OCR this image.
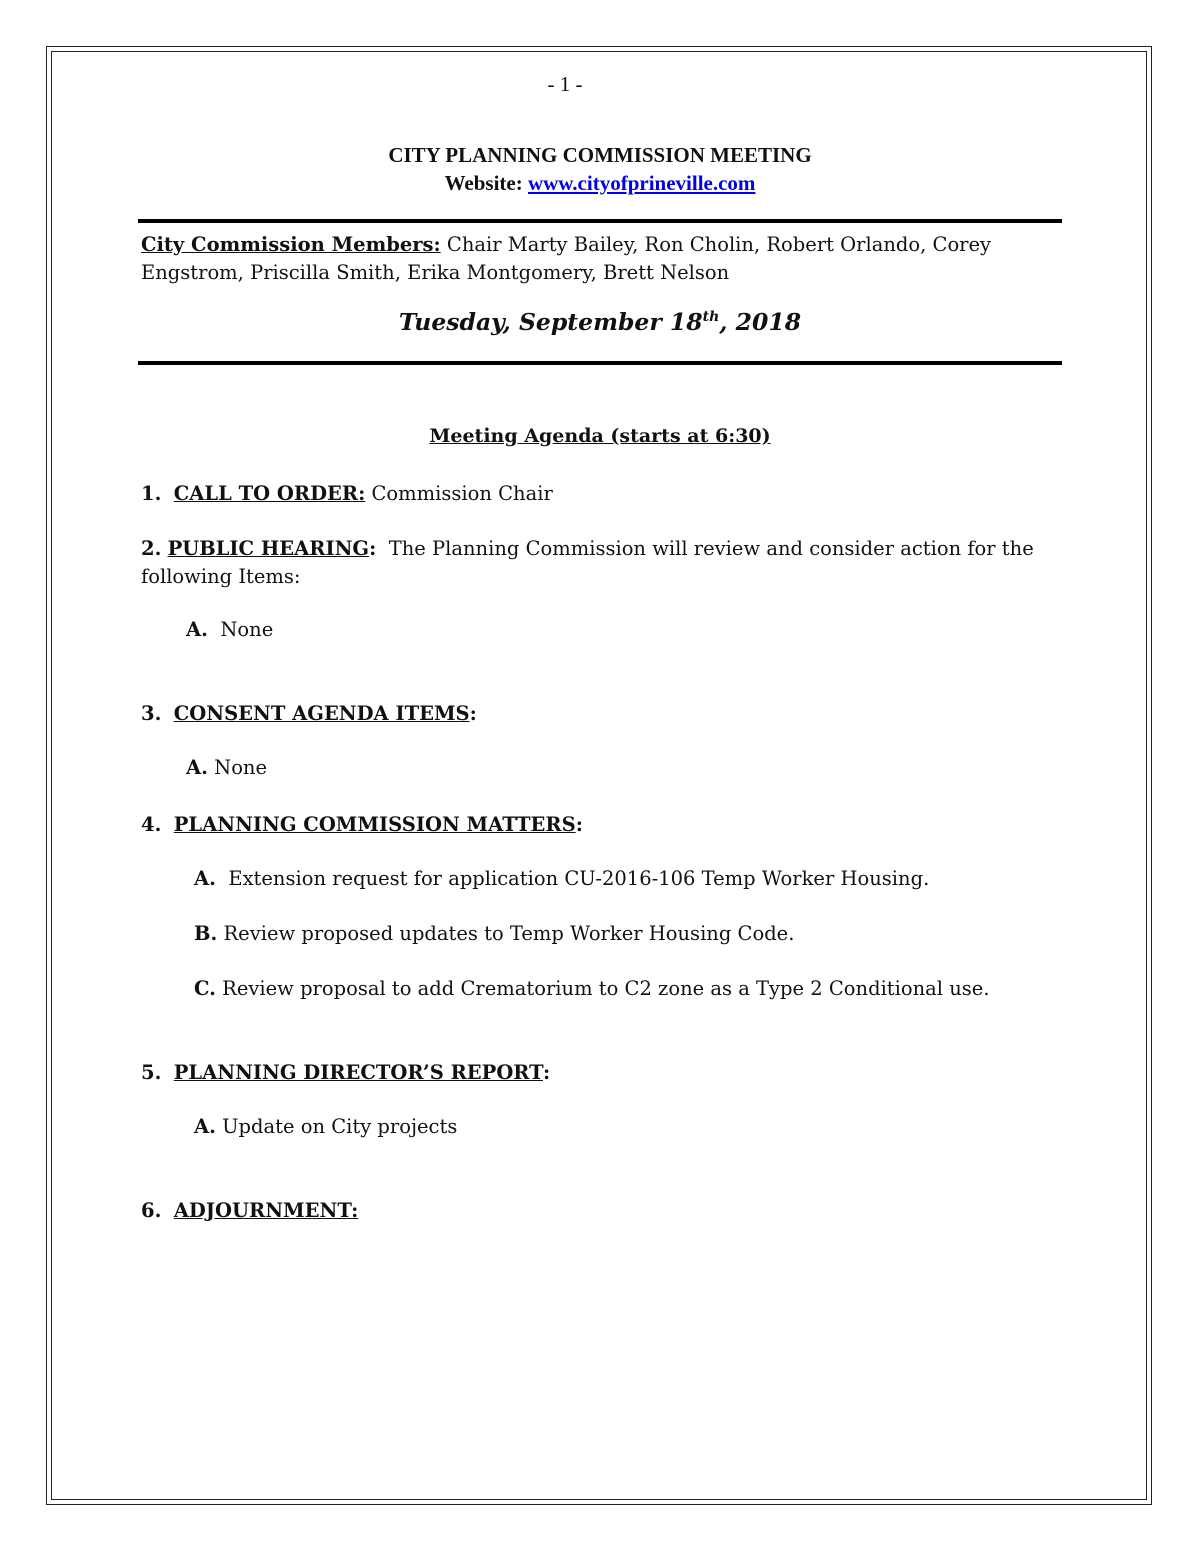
- 1 -
CITY PLANNING COMMISSION MEETING
Website: www.cityofprineville.com
City Commission Members: Chair Marty Bailey, Ron Cholin, Robert Orlando, Corey
Engstrom, Priscilla Smith, Erika Montgomery, Brett Nelson
Tuesday, September 18th, 2018
Meeting Agenda (starts at 6:30)
1. CALL TO ORDER: Commission Chair
2. PUBLIC HEARING: The Planning Commission will review and consider action for the
following Items:
A. None
3. CONSENT AGENDA ITEMS:
A. None
4. PLANNING COMMISSION MATTERS:
A. Extension request for application CU-2016-106 Temp Worker Housing.
B. Review proposed updates to Temp Worker Housing Code.
C. Review proposal to add Crematorium to C2 zone as a Type 2 Conditional use.
5. PLANNING DIRECTOR’S REPORT:
A. Update on City projects
6. ADJOURNMENT:
